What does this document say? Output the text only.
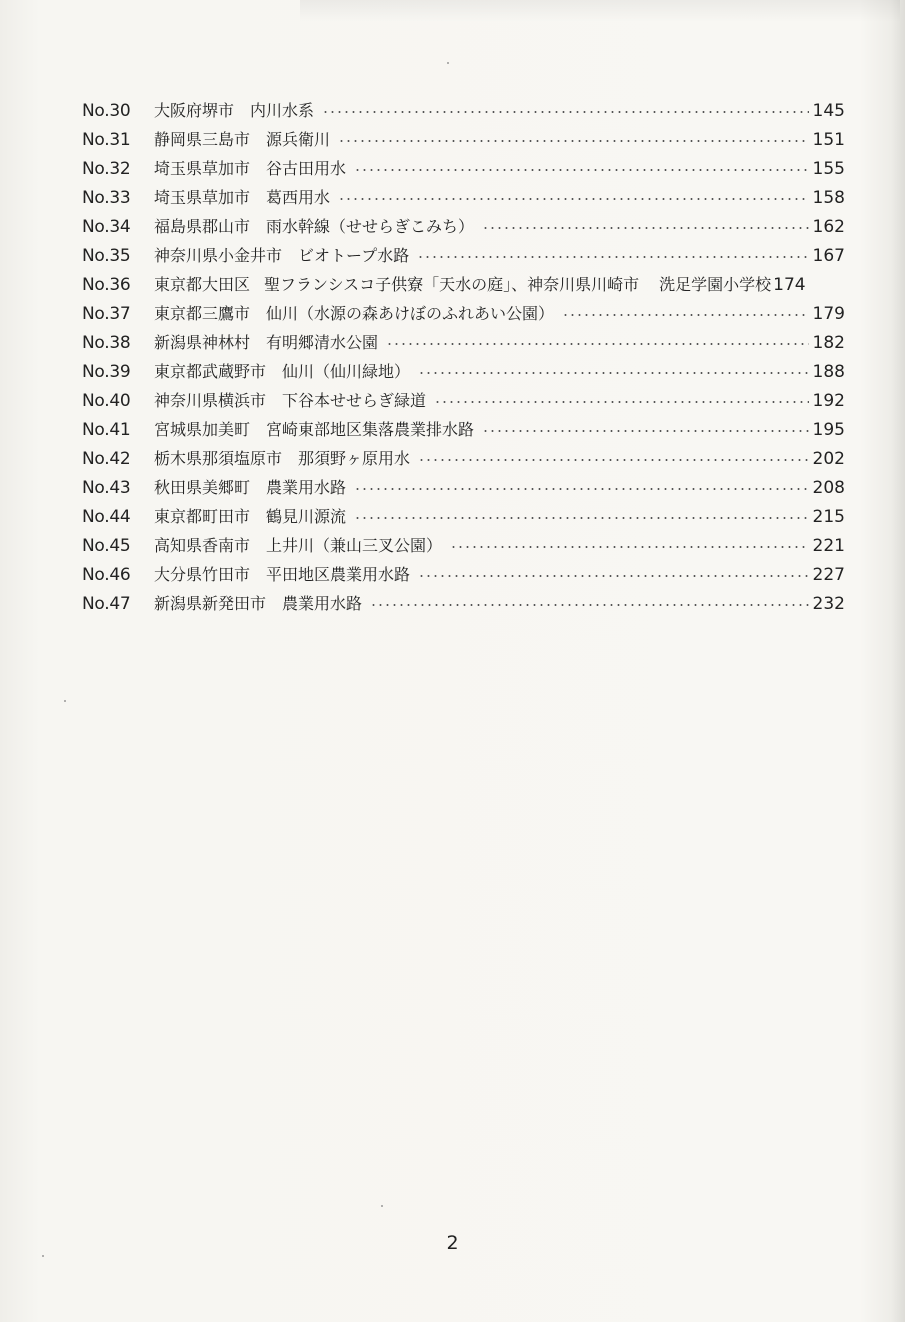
No.30	大阪府堺市 内川水系	145
No.31	静岡県三島市 源兵衛川	151
No.32	埼玉県草加市 谷古田用水	155
No.33	埼玉県草加市 葛西用水	158
No.34	福島県郡山市 雨水幹線（せせらぎこみち）	162
No.35	神奈川県小金井市 ビオトープ水路	167
No.36	東京都大田区 聖フランシスコ子供寮「天水の庭」、神奈川県川崎市 洗足学園小学校 174
No.37	東京都三鷹市 仙川（水源の森あけぼのふれあい公園）	179
No.38	新潟県神林村 有明郷清水公園	182
No.39	東京都武蔵野市 仙川（仙川緑地）	188
No.40	神奈川県横浜市 下谷本せせらぎ緑道	192
No.41	宮城県加美町 宮崎東部地区集落農業排水路	195
No.42	栃木県那須塩原市 那須野ヶ原用水	202
No.43	秋田県美郷町 農業用水路	208
No.44	東京都町田市 鶴見川源流	215
No.45	高知県香南市 上井川（兼山三叉公園）	221
No.46	大分県竹田市 平田地区農業用水路	227
No.47	新潟県新発田市 農業用水路	232
2
